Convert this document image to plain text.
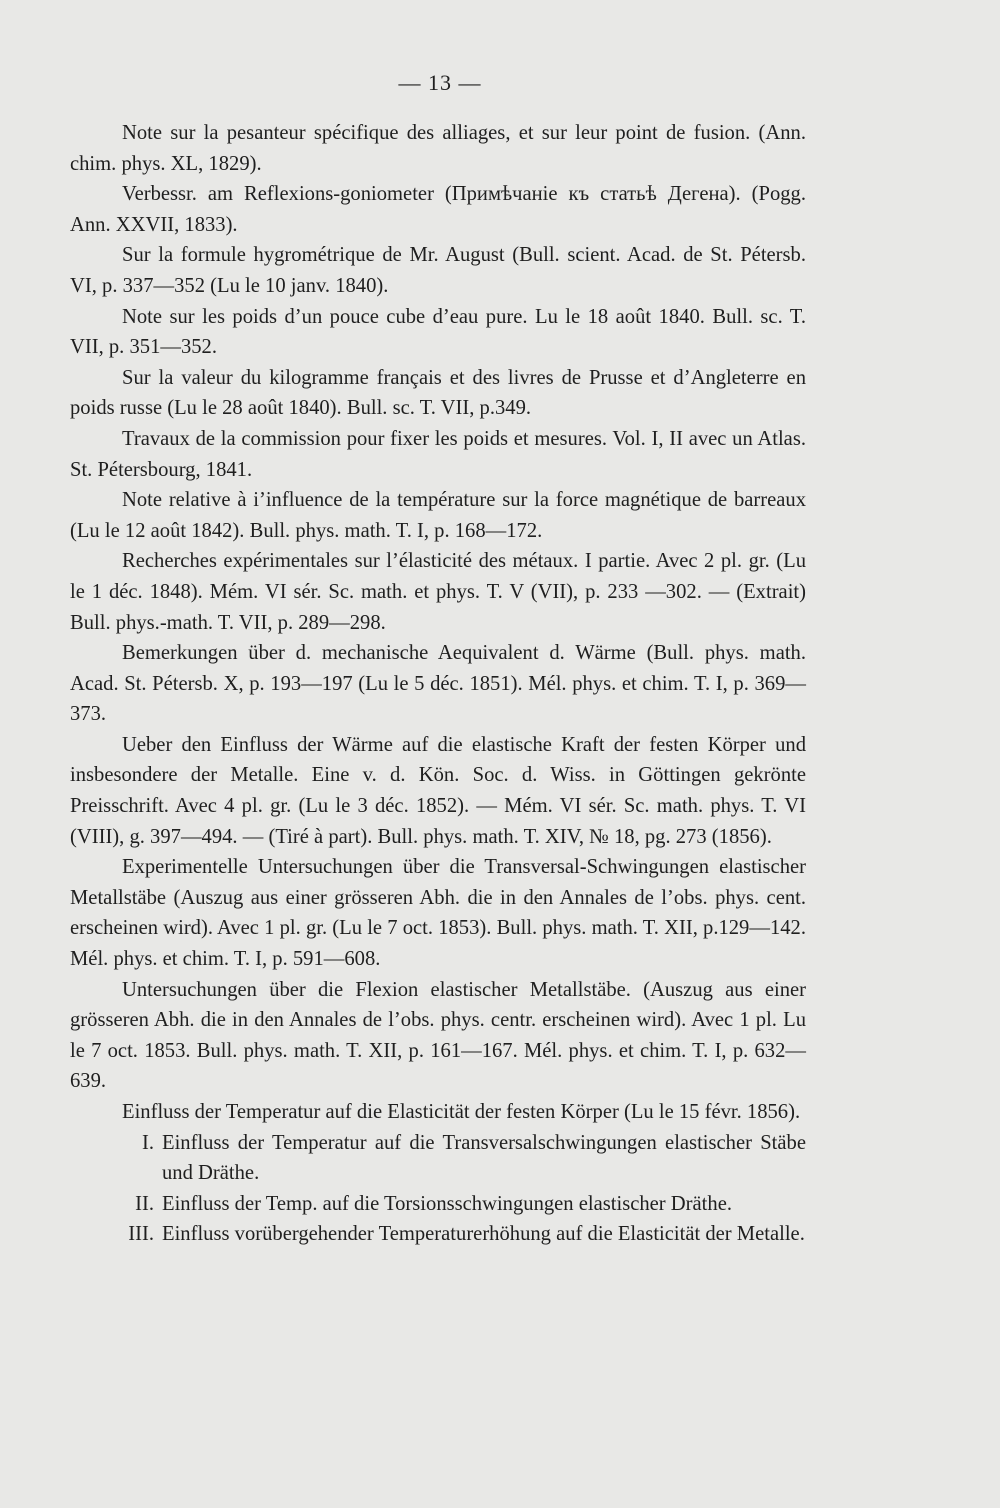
— 13 —

Note sur la pesanteur spécifique des alliages, et sur leur point de fusion. (Ann. chim. phys. XL, 1829).

Verbessr. am Reflexions-goniometer (Примѣчаніе къ статьѣ Дегена). (Pogg. Ann. XXVII, 1833).

Sur la formule hygrométrique de Mr. August (Bull. scient. Acad. de St. Pétersb. VI, p. 337—352 (Lu le 10 janv. 1840).

Note sur les poids d’un pouce cube d’eau pure. Lu le 18 août 1840. Bull. sc. T. VII, p. 351—352.

Sur la valeur du kilogramme français et des livres de Prusse et d’Angleterre en poids russe (Lu le 28 août 1840). Bull. sc. T. VII, p.349.

Travaux de la commission pour fixer les poids et mesures. Vol. I, II avec un Atlas. St. Pétersbourg, 1841.

Note relative à i’influence de la température sur la force magnétique de barreaux (Lu le 12 août 1842). Bull. phys. math. T. I, p. 168—172.

Recherches expérimentales sur l’élasticité des métaux. I partie. Avec 2 pl. gr. (Lu le 1 déc. 1848). Mém. VI sér. Sc. math. et phys. T. V (VII), p. 233 —302. — (Extrait) Bull. phys.-math. T. VII, p. 289—298.

Bemerkungen über d. mechanische Aequivalent d. Wärme (Bull. phys. math. Acad. St. Pétersb. X, p. 193—197 (Lu le 5 déc. 1851). Mél. phys. et chim. T. I, p. 369—373.

Ueber den Einfluss der Wärme auf die elastische Kraft der festen Körper und insbesondere der Metalle. Eine v. d. Kön. Soc. d. Wiss. in Göttingen gekrönte Preisschrift. Avec 4 pl. gr. (Lu le 3 déc. 1852). — Mém. VI sér. Sc. math. phys. T. VI (VIII), g. 397—494. — (Tiré à part). Bull. phys. math. T. XIV, № 18, pg. 273 (1856).

Experimentelle Untersuchungen über die Transversal-Schwingungen elastischer Metallstäbe (Auszug aus einer grösseren Abh. die in den Annales de l’obs. phys. cent. erscheinen wird). Avec 1 pl. gr. (Lu le 7 oct. 1853). Bull. phys. math. T. XII, p.129—142. Mél. phys. et chim. T. I, p. 591—608.

Untersuchungen über die Flexion elastischer Metallstäbe. (Auszug aus einer grösseren Abh. die in den Annales de l’obs. phys. centr. erscheinen wird). Avec 1 pl. Lu le 7 oct. 1853. Bull. phys. math. T. XII, p. 161—167. Mél. phys. et chim. T. I, p. 632—639.

Einfluss der Temperatur auf die Elasticität der festen Körper (Lu le 15 févr. 1856).

I. Einfluss der Temperatur auf die Transversalschwingungen elastischer Stäbe und Dräthe.
II. Einfluss der Temp. auf die Torsionsschwingungen elastischer Dräthe.
III. Einfluss vorübergehender Temperaturerhöhung auf die Elasticität der Metalle.
